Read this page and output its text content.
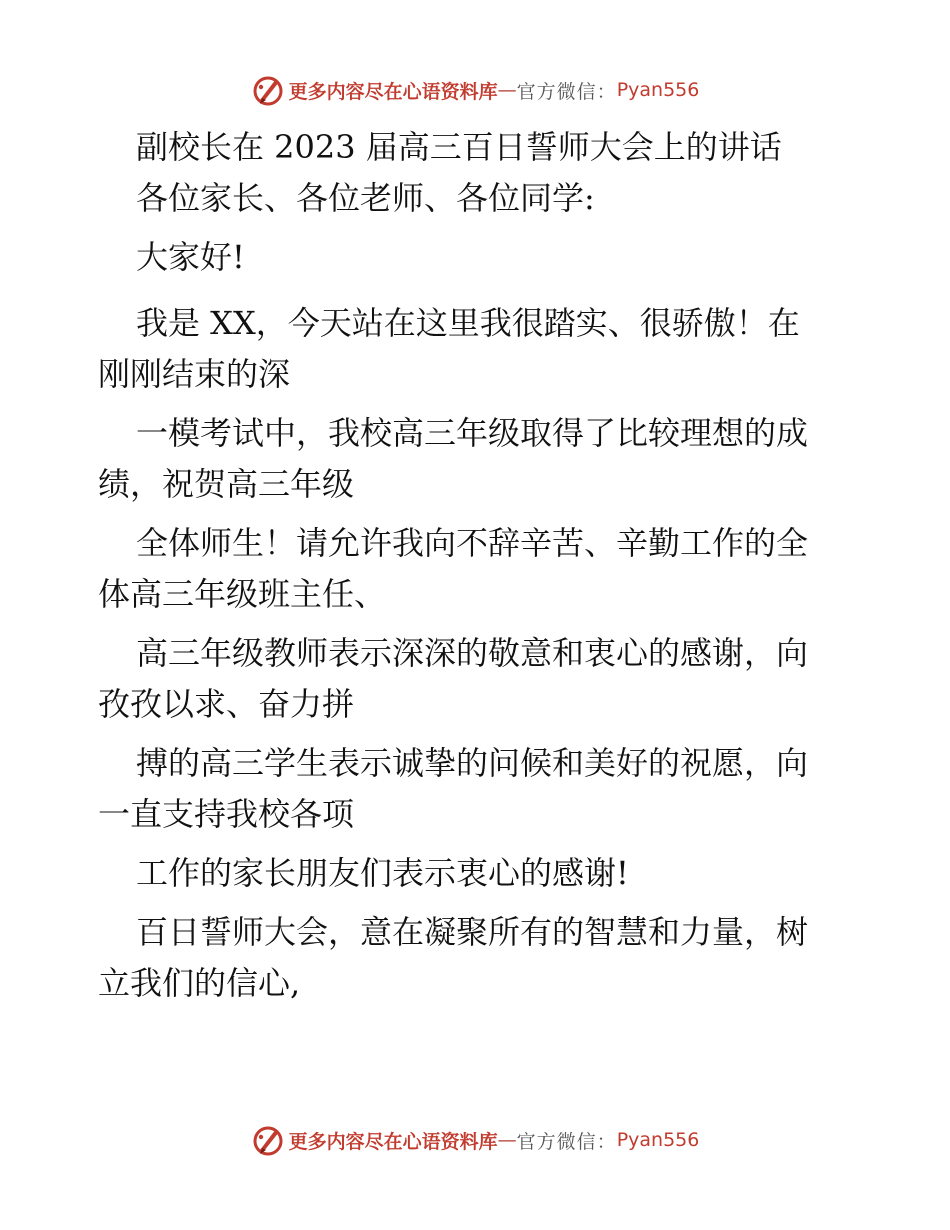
更多内容尽在心语资料库 — 官方微信： Pyan556
副校长在 2023 届高三百日誓师大会上的讲话
各位家长、各位老师、各位同学:
大家好!
我是 XX，今天站在这里我很踏实、很骄傲！在
刚刚结束的深
一模考试中，我校高三年级取得了比较理想的成
绩，祝贺高三年级
全体师生！请允许我向不辞辛苦、辛勤工作的全
体高三年级班主任、
高三年级教师表示深深的敬意和衷心的感谢，向
孜孜以求、奋力拼
搏的高三学生表示诚挚的问候和美好的祝愿，向
一直支持我校各项
工作的家长朋友们表示衷心的感谢!
百日誓师大会，意在凝聚所有的智慧和力量，树
立我们的信心,
更多内容尽在心语资料库 — 官方微信： Pyan556
